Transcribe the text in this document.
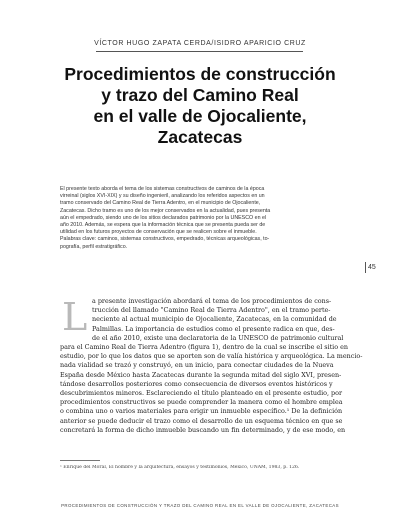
VÍCTOR HUGO ZAPATA CERDA/ISIDRO APARICIO CRUZ
Procedimientos de construcción
y trazo del Camino Real
en el valle de Ojocaliente,
Zacatecas
El presente texto aborda el tema de los sistemas constructivos de caminos de la época
virreinal (siglos XVI-XIX) y su diseño ingenieril, analizando los referidos aspectos en un
tramo conservado del Camino Real de Tierra Adentro, en el municipio de Ojocaliente,
Zacatecas. Dicho tramo es uno de los mejor conservados en la actualidad, pues presenta
aún el empedrado, siendo uno de los sitios declarados patrimonio por la UNESCO en el
año 2010. Además, se espera que la información técnica que se presenta pueda ser de
utilidad en los futuros proyectos de conservación que se realicen sobre el inmueble.
Palabras clave: caminos, sistemas constructivos, empedrado, técnicas arqueológicas, to-
pografía, perfil estratigráfico.
45
L a presente investigación abordará el tema de los procedimientos de cons-
trucción del llamado "Camino Real de Tierra Adentro", en el tramo perte-
neciente al actual municipio de Ojocaliente, Zacatecas, en la comunidad de
Palmillas. La importancia de estudios como el presente radica en que, des-
de el año 2010, existe una declaratoria de la UNESCO de patrimonio cultural
para el Camino Real de Tierra Adentro (figura 1), dentro de la cual se inscribe el sitio en
estudio, por lo que los datos que se aporten son de valía histórica y arqueológica. La mencio-
nada vialidad se trazó y construyó, en un inicio, para conectar ciudades de la Nueva
España desde México hasta Zacatecas durante la segunda mitad del siglo XVI, presen-
tándose desarrollos posteriores como consecuencia de diversos eventos históricos y
descubrimientos mineros. Esclareciendo el título planteado en el presente estudio, por
procedimientos constructivos se puede comprender la manera como el hombre emplea
o combina uno o varios materiales para erigir un inmueble específico.¹ De la definición
anterior se puede deducir el trazo como el desarrollo de un esquema técnico en que se
concretará la forma de dicho inmueble buscando un fin determinado, y de ese modo, en
¹ Enrique del Moral, El hombre y la arquitectura, ensayos y testimonios, México, UNAM, 1983, p. 126.
PROCEDIMIENTOS DE CONSTRUCCIÓN Y TRAZO DEL CAMINO REAL EN EL VALLE DE OJOCALIENTE, ZACATECAS
